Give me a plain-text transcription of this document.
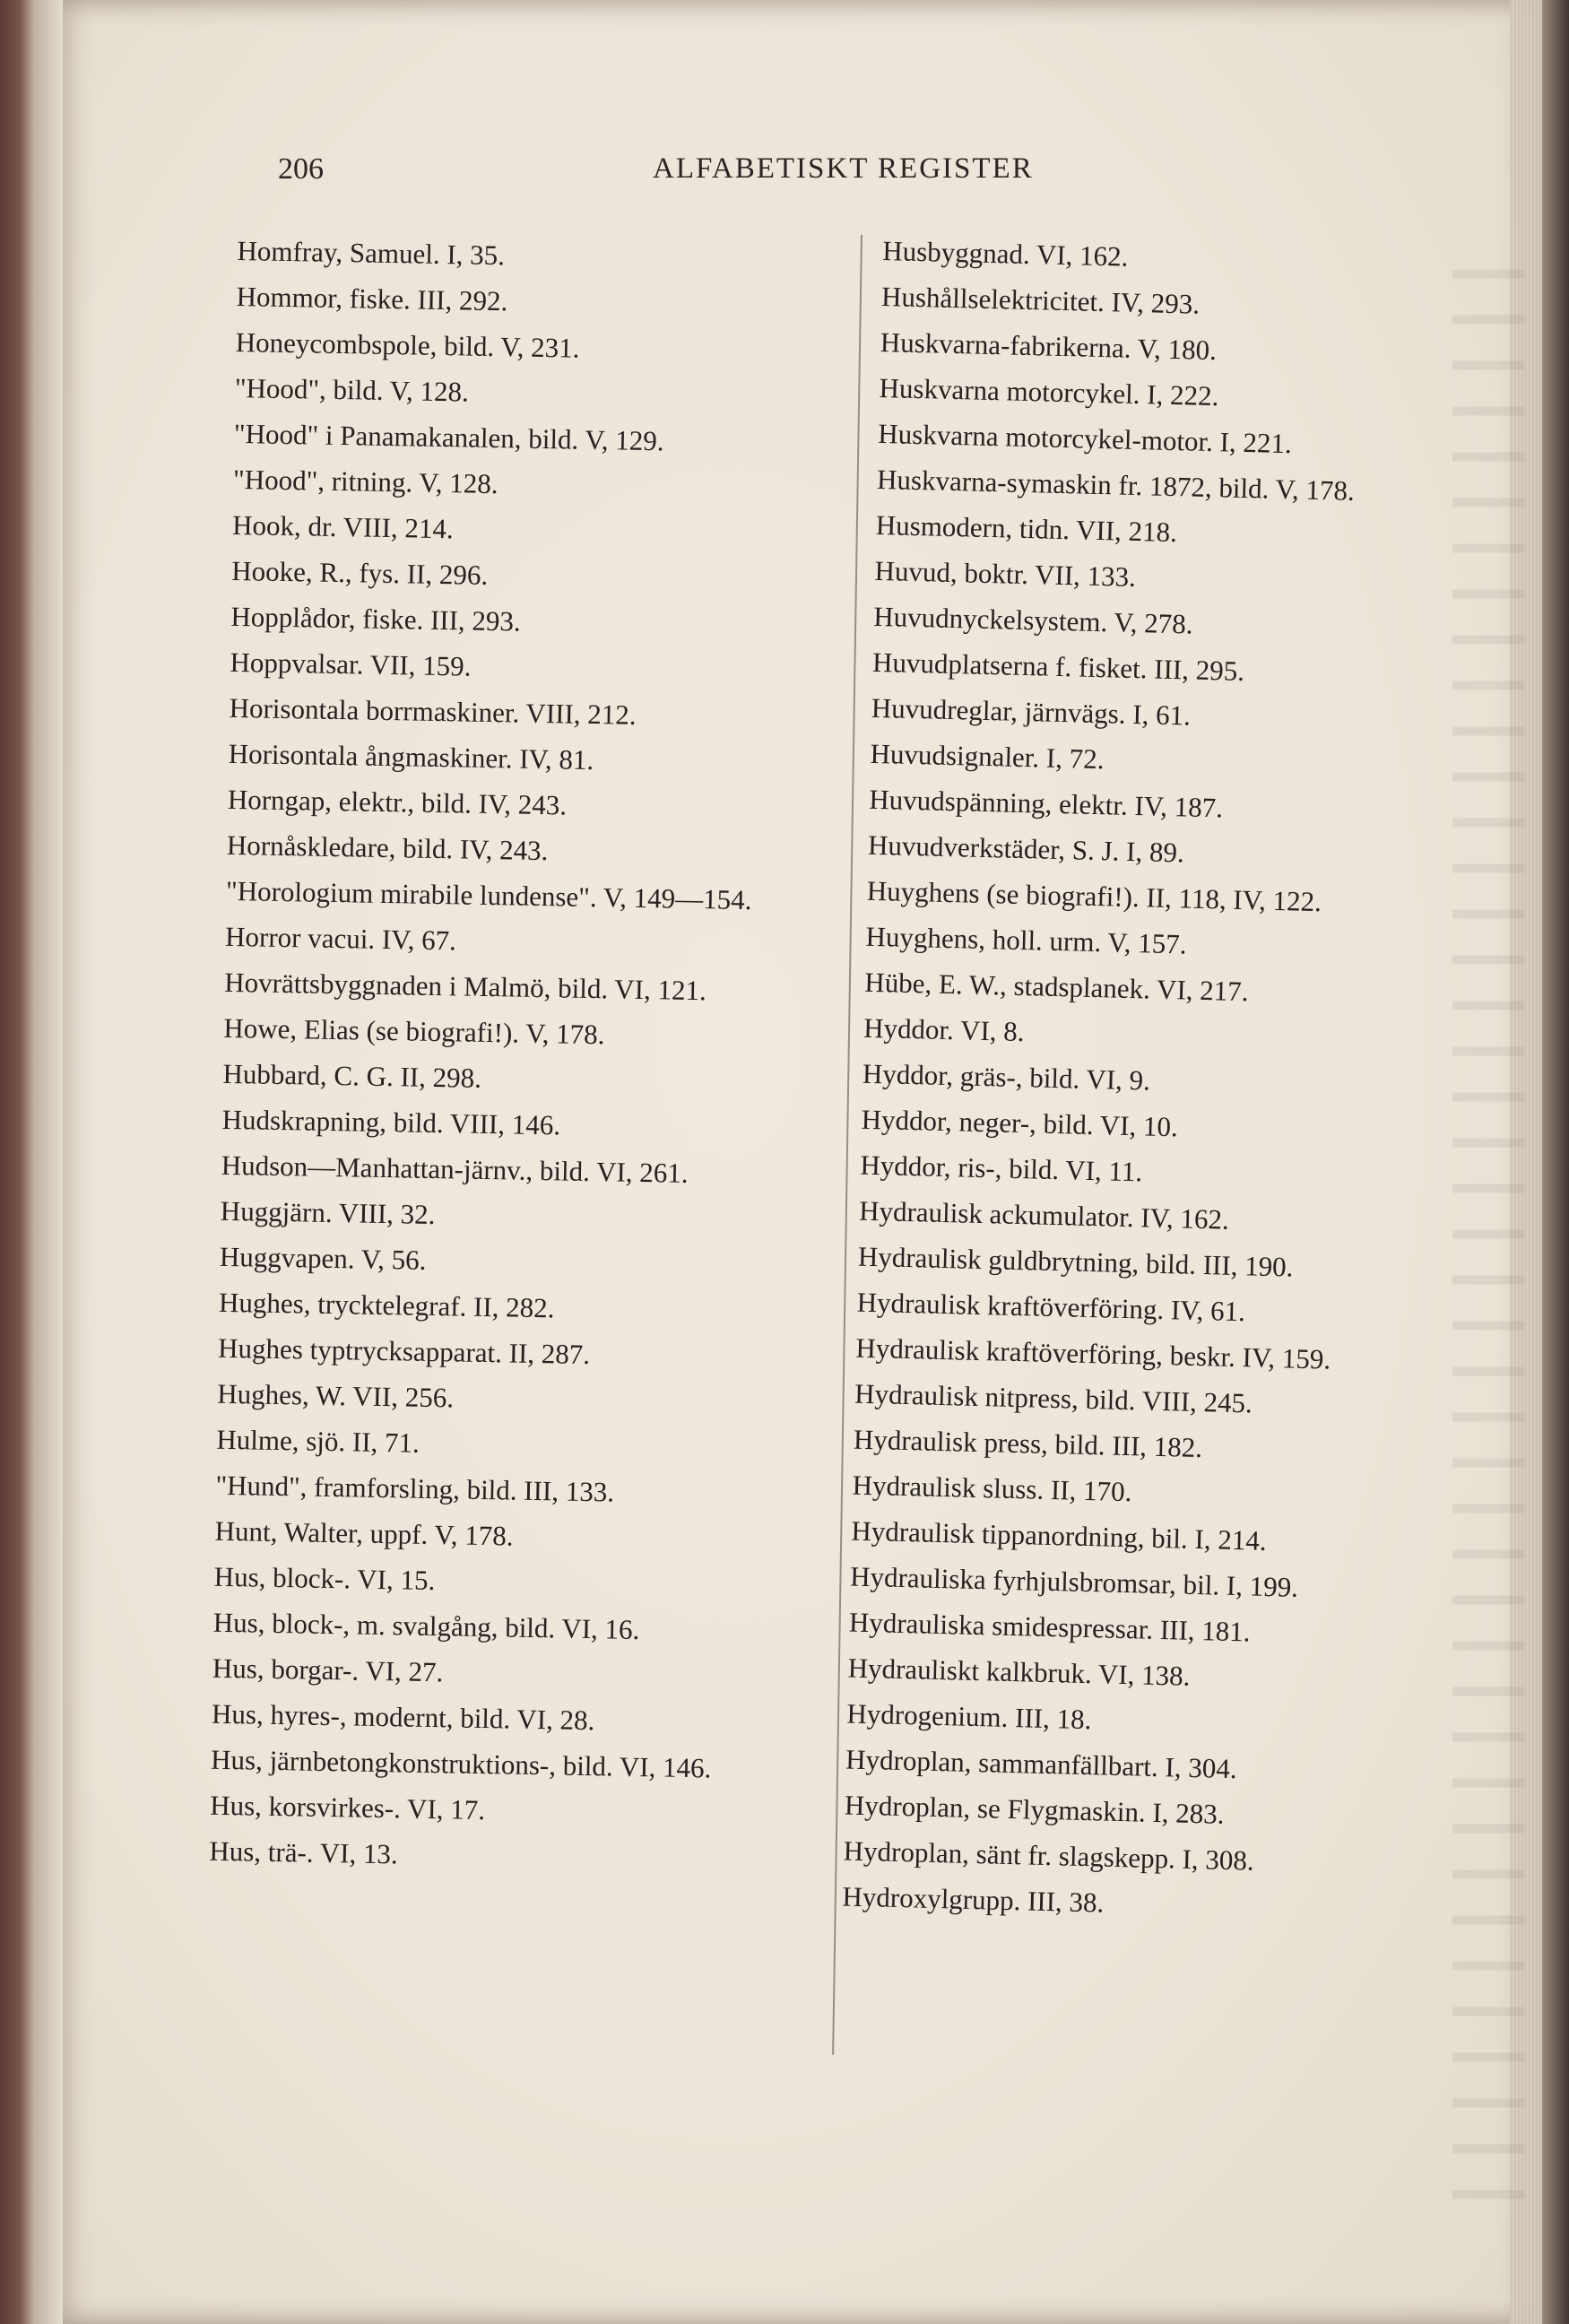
206	ALFABETISKT REGISTER

Homfray, Samuel. I, 35.

Hommor, fiske. III, 292.

Honeycombspole, bild. V, 231.

"Hood", bild. V, 128.

"Hood" i Panamakanalen, bild. V, 129.

"Hood", ritning. V, 128.

Hook, dr. VIII, 214.

Hooke, R., fys. II, 296.

Hopplådor, fiske. III, 293.

Hoppvalsar. VII, 159.

Horisontala borrmaskiner. VIII, 212.

Horisontala ångmaskiner. IV, 81.

Horngap, elektr., bild. IV, 243.

Hornåskledare, bild. IV, 243.

"Horologium mirabile lundense". V, 149—154.

Horror vacui. IV, 67.

Hovrättsbyggnaden i Malmö, bild. VI, 121.

Howe, Elias (se biografi!). V, 178.

Hubbard, C. G. II, 298.

Hudskrapning, bild. VIII, 146.

Hudson—Manhattan-järnv., bild. VI, 261.

Huggjärn. VIII, 32.

Huggvapen. V, 56.

Hughes, trycktelegraf. II, 282.

Hughes typtrycksapparat. II, 287.

Hughes, W. VII, 256.

Hulme, sjö. II, 71.

"Hund", framforsling, bild. III, 133.

Hunt, Walter, uppf. V, 178.

Hus, block-. VI, 15.

Hus, block-, m. svalgång, bild. VI, 16.

Hus, borgar-. VI, 27.

Hus, hyres-, modernt, bild. VI, 28.

Hus, järnbetongkonstruktions-, bild. VI, 146.

Hus, korsvirkes-. VI, 17.

Hus, trä-. VI, 13.

Husbyggnad. VI, 162.

Hushållselektricitet. IV, 293.

Huskvarna-fabrikerna. V, 180.

Huskvarna motorcykel. I, 222.

Huskvarna motorcykel-motor. I, 221.

Huskvarna-symaskin fr. 1872, bild. V, 178.

Husmodern, tidn. VII, 218.

Huvud, boktr. VII, 133.

Huvudnyckelsystem. V, 278.

Huvudplatserna f. fisket. III, 295.

Huvudreglar, järnvägs. I, 61.

Huvudsignaler. I, 72.

Huvudspänning, elektr. IV, 187.

Huvudverkstäder, S. J. I, 89.

Huyghens (se biografi!). II, 118, IV, 122.

Huyghens, holl. urm. V, 157.

Hübe, E. W., stadsplanek. VI, 217.

Hyddor. VI, 8.

Hyddor, gräs-, bild. VI, 9.

Hyddor, neger-, bild. VI, 10.

Hyddor, ris-, bild. VI, 11.

Hydraulisk ackumulator. IV, 162.

Hydraulisk guldbrytning, bild. III, 190.

Hydraulisk kraftöverföring. IV, 61.

Hydraulisk kraftöverföring, beskr. IV, 159.

Hydraulisk nitpress, bild. VIII, 245.

Hydraulisk press, bild. III, 182.

Hydraulisk sluss. II, 170.

Hydraulisk tippanordning, bil. I, 214.

Hydrauliska fyrhjulsbromsar, bil. I, 199.

Hydrauliska smidespressar. III, 181.

Hydrauliskt kalkbruk. VI, 138.

Hydrogenium. III, 18.

Hydroplan, sammanfällbart. I, 304.

Hydroplan, se Flygmaskin. I, 283.

Hydroplan, sänt fr. slagskepp. I, 308.

Hydroxylgrupp. III, 38.
